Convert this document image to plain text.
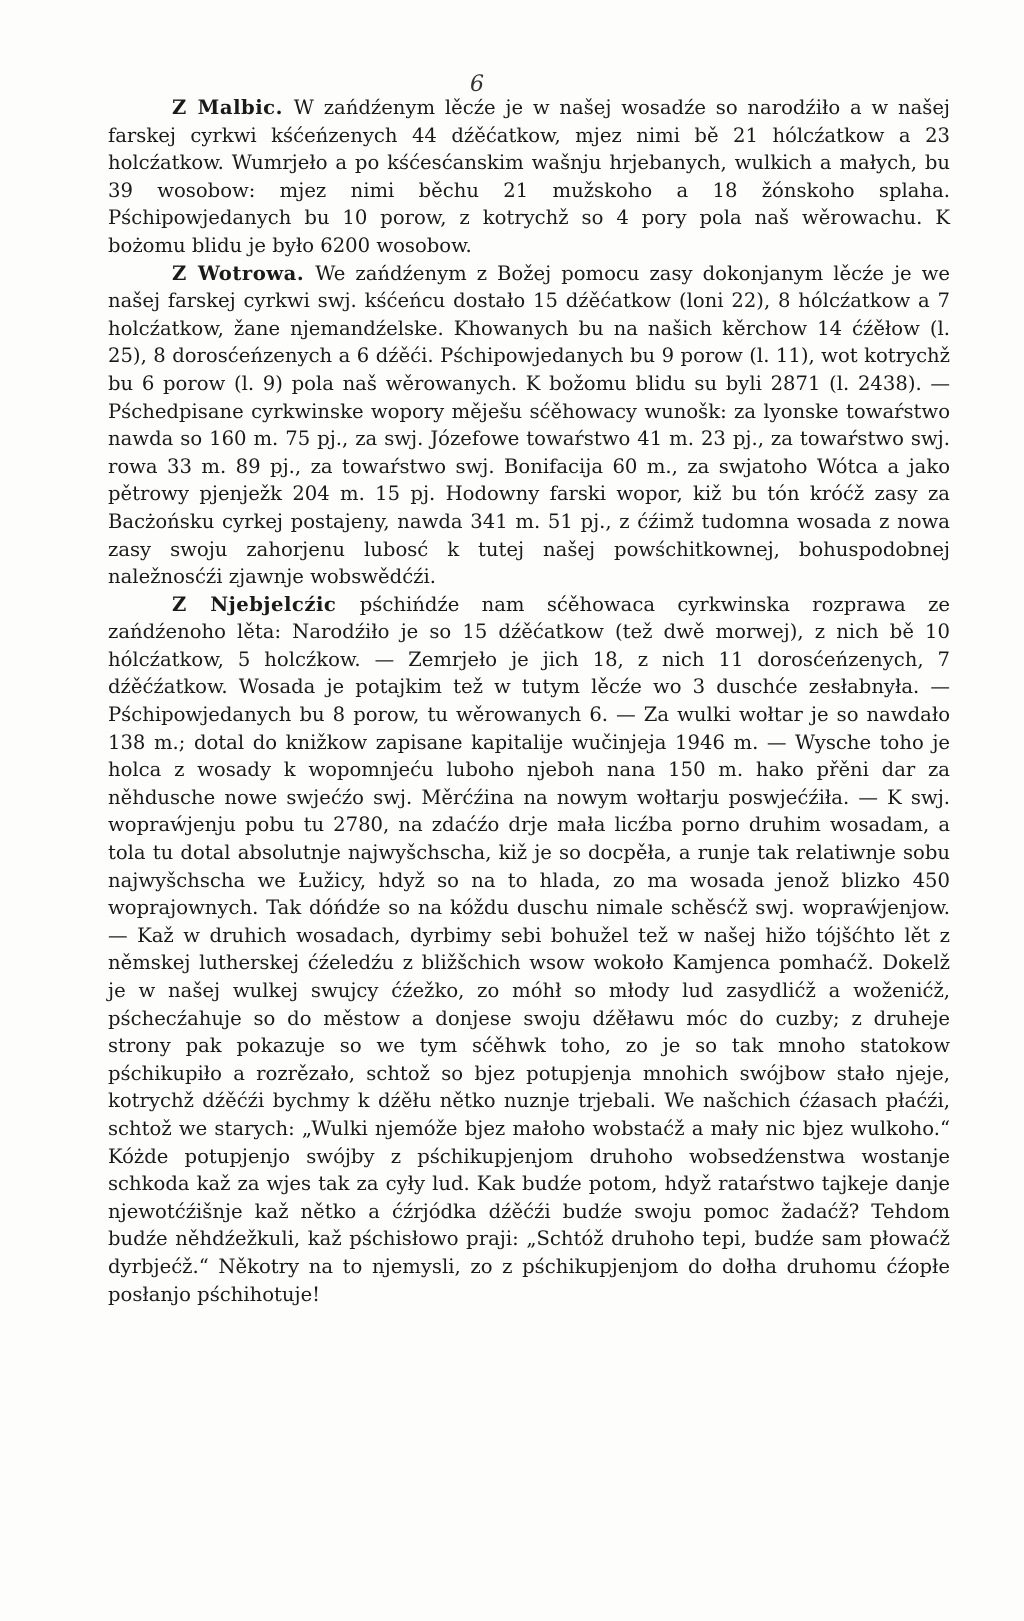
6

Z Malbic. W zańdźenym lěcźe je w našej wosadźe so narodźiło a w našej farskej cyrkwi kśćeńzenych 44 dźěćatkow, mjez nimi bě 21 hólcźatkow a 23 holcźatkow. Wumrjeło a po kśćesćanskim wašnju hrjebanych, wulkich a małych, bu 39 wosobow: mjez nimi běchu 21 mužskoho a 18 žónskoho splaha. Pśchipowjedanych bu 10 porow, z kotrychž so 4 pory pola naš wěrowachu. K bożomu blidu je było 6200 wosobow.

Z Wotrowa. We zańdźenym z Božej pomocu zasy dokonjanym lěcźe je we našej farskej cyrkwi swj. kśćeńcu dostało 15 dźěćatkow (loni 22), 8 hólcźatkow a 7 holcźatkow, žane njemandźelske. Khowanych bu na našich kěrchow 14 ćźěłow (l. 25), 8 dorosćeńzenych a 6 dźěći. Pśchipowjedanych bu 9 porow (l. 11), wot kotrychž bu 6 porow (l. 9) pola naš wěrowanych. K božomu blidu su byli 2871 (l. 2438). — Pśchedpisane cyrkwinske wopory měješu sćěhowacy wunošk: za lyonske towaŕstwo nawda so 160 m. 75 pj., za swj. Józefowe towaŕstwo 41 m. 23 pj., za towaŕstwo swj. rowa 33 m. 89 pj., za towaŕstwo swj. Bonifacija 60 m., za swjatoho Wótca a jako pětrowy pjenježk 204 m. 15 pj. Hodowny farski wopor, kiž bu tón króćž zasy za Bacżońsku cyrkej postajeny, nawda 341 m. 51 pj., z ćźimž tudomna wosada z nowa zasy swoju zahorjenu lubosć k tutej našej powśchitkownej, bohuspodobnej naležnosćźi zjawnje wobswědćźi.

Z Njebjelcźic pśchińdźe nam sćěhowaca cyrkwinska rozprawa ze zańdźenoho lěta: Narodźiło je so 15 dźěćatkow (tež dwě morwej), z nich bě 10 hólcźatkow, 5 holcźkow. — Zemrjeło je jich 18, z nich 11 dorosćeńzenych, 7 dźěćźatkow. Wosada je potajkim tež w tutym lěcźe wo 3 duschće zesłabnyła. — Pśchipowjedanych bu 8 porow, tu wěrowanych 6. — Za wulki wołtar je so nawdało 138 m.; dotal do knižkow zapisane kapitalije wučinjeja 1946 m. — Wysche toho je holca z wosady k wopomnjeću luboho njeboh nana 150 m. hako přěni dar za něhdusche nowe swjećźo swj. Měrćźina na nowym wołtarju poswjećźiła. — K swj. wopraẃjenju pobu tu 2780, na zdaćźo drje mała licźba porno druhim wosadam, a tola tu dotal absolutnje najwyšchscha, kiž je so docpěła, a runje tak relatiwnje sobu najwyšchscha we Łužicy, hdyž so na to hlada, zo ma wosada jenož blizko 450 woprajownych. Tak dóńdźe so na kóždu duschu nimale schěsćž swj. wopraẃjenjow. — Kaž w druhich wosadach, dyrbimy sebi bohužel tež w našej hižo tójšćhto lět z němskej lutherskej ćźeledźu z bližšchich wsow wokoło Kamjenca pomhaćž. Dokelž je w našej wulkej swujcy ćźežko, zo móhł so młody lud zasydlićž a woženićž, pśchecźahuje so do městow a donjese swoju dźěławu móc do cuzby; z druheje strony pak pokazuje so we tym sćěhwk toho, zo je so tak mnoho statokow pśchikupiło a rozrězało, schtož so bjez potupjenja mnohich swójbow stało njeje, kotrychž dźěćźi bychmy k dźěłu nětko nuznje trjebali. We našchich ćźasach płaćźi, schtož we starych: „Wulki njemóže bjez małoho wobstaćž a mały nic bjez wulkoho.“ Kóżde potupjenjo swójby z pśchikupjenjom druhoho wobsedźenstwa wostanje schkoda kaž za wjes tak za cyły lud. Kak budźe potom, hdyž rataŕstwo tajkeje danje njewotćźišnje kaž nětko a ćźrjódka dźěćźi budźe swoju pomoc žadaćž? Tehdom budźe něhdźežkuli, kaž pśchisłowo praji: „Schtóž druhoho tepi, budźe sam płowaćž dyrbjećž.“ Někotry na to njemysli, zo z pśchikupjenjom do dołha druhomu ćźopłe posłanjo pśchihotuje!
